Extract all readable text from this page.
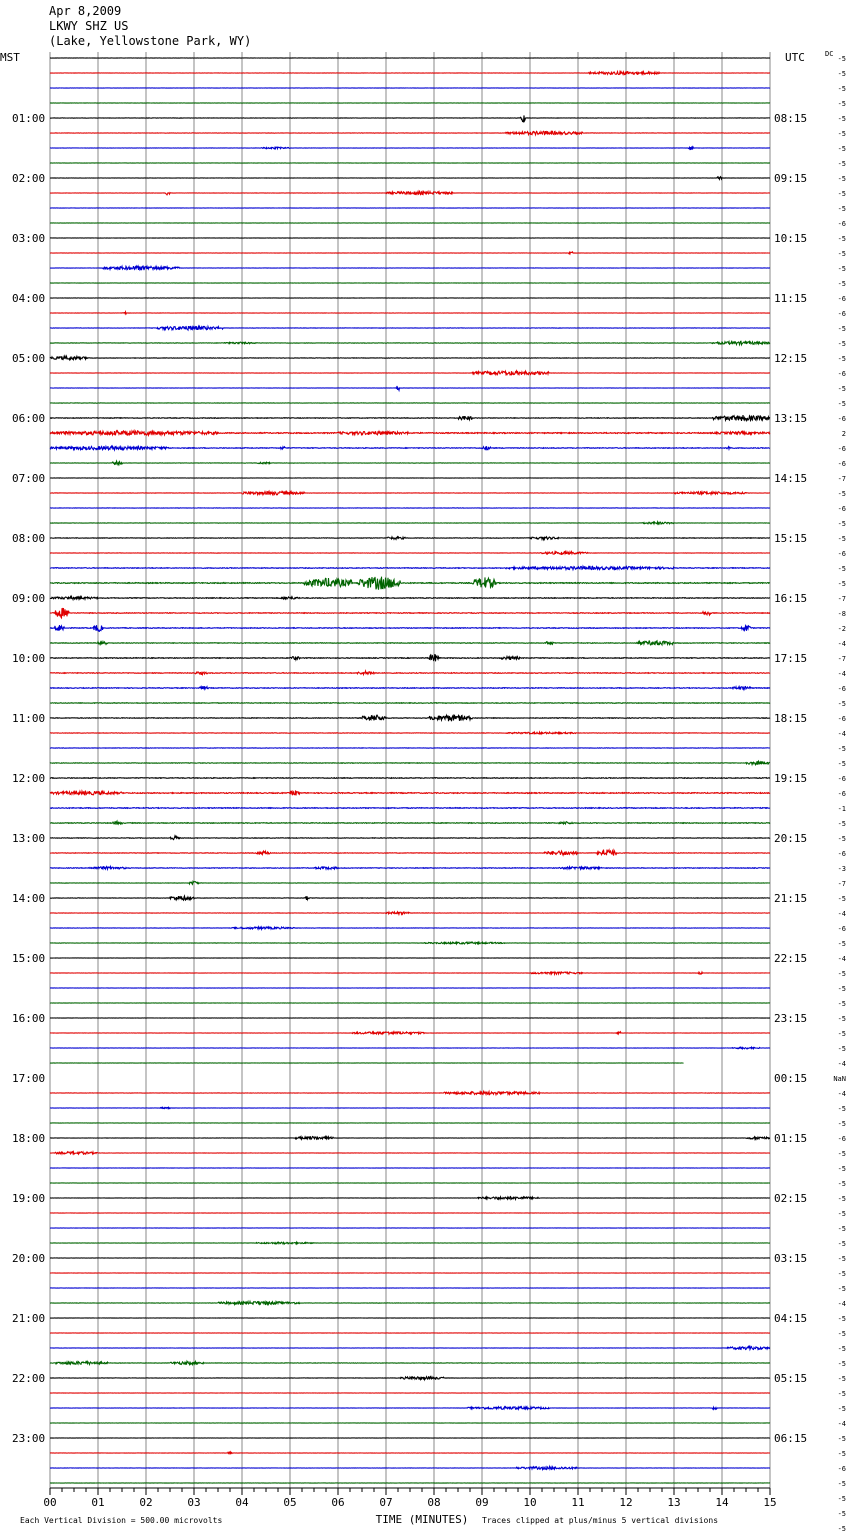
Apr 8,2009
LKWY SHZ US
(Lake, Yellowstone Park, WY)
MST	UTC
01:00
02:00
03:00
04:00
05:00
06:00
07:00
08:00
09:00
10:00
11:00
12:00
13:00
14:00
15:00
16:00
17:00
18:00
19:00
20:00
21:00
22:00
23:00
08:15
09:15
10:15
11:15
12:15
13:15
14:15
15:15
16:15
17:15
18:15
19:15
20:15
21:15
22:15
23:15
00:15
01:15
02:15
03:15
04:15
05:15
06:15
DC
-5
-5
-5
-5
-5
-5
-5
-5
-5
-5
-5
-6
-5
-5
-5
-5
-6
-6
-5
-5
-5
-6
-5
-5
-6
2
-6
-6
-7
-5
-6
-5
-5
-6
-5
-5
-7
-8
-2
-4
-7
-4
-6
-5
-6
-4
-5
-5
-6
-6
-1
-5
-5
-6
-3
-7
-5
-4
-6
-5
-4
-5
-5
-5
-5
-5
-5
-4
NaN
-4
-5
-5
-6
-5
-5
-5
-5
-5
-5
-5
-5
-5
-5
-4
-5
-5
-5
-5
-5
-5
-5
-4
-5
-5
-6
-5
-5
-5
-5
00	01	02	03	04	05	06	07	08	09	10	11	12	13	14	15
TIME (MINUTES)
Each Vertical Division = 500.00 microvolts	Traces clipped at plus/minus 5 vertical divisions
